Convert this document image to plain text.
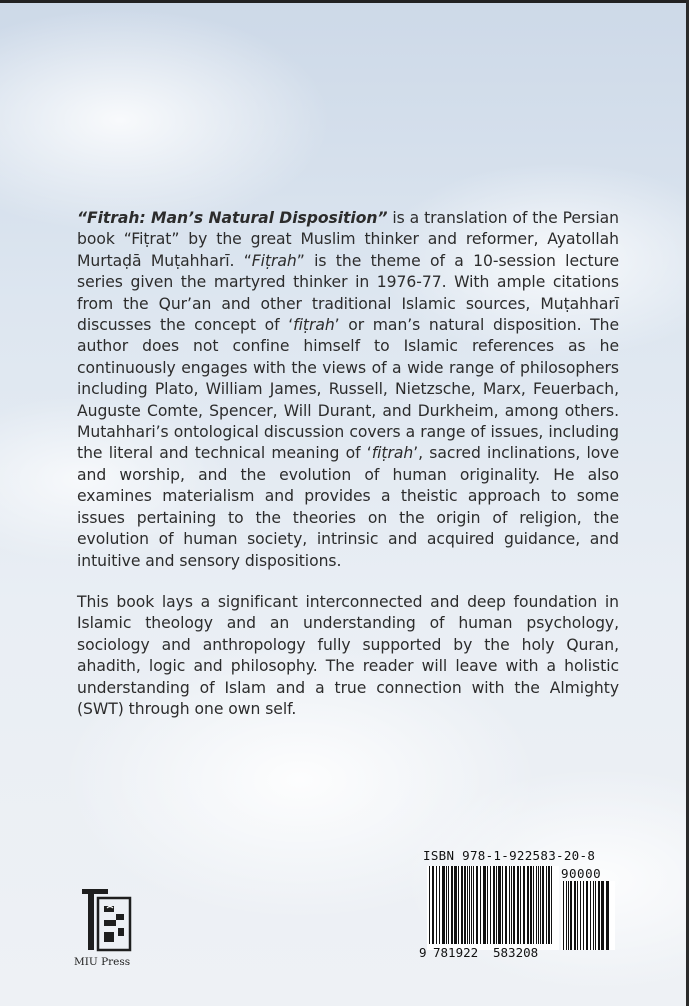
“Fitrah: Man’s Natural Disposition” is a translation of the Persian book “Fiṭrat” by the great Muslim thinker and reformer, Ayatollah Murtaḍā Muṭahharī. “Fiṭrah” is the theme of a 10-session lecture series given the martyred thinker in 1976-77. With ample citations from the Qur’an and other traditional Islamic sources, Muṭahharī discusses the concept of ‘fiṭrah’ or man’s natural disposition. The author does not confine himself to Islamic references as he continuously engages with the views of a wide range of philosophers including Plato, William James, Russell, Nietzsche, Marx, Feuerbach, Auguste Comte, Spencer, Will Durant, and Durkheim, among others. Mutahhari’s ontological discussion covers a range of issues, including the literal and technical meaning of ‘fiṭrah’, sacred inclinations, love and worship, and the evolution of human originality. He also examines materialism and provides a theistic approach to some issues pertaining to the theories on the origin of religion, the evolution of human society, intrinsic and acquired guidance, and intuitive and sensory dispositions.

This book lays a significant interconnected and deep foundation in Islamic theology and an understanding of human psychology, sociology and anthropology fully supported by the holy Quran, ahadith, logic and philosophy. The reader will leave with a holistic understanding of Islam and a true connection with the Almighty (SWT) through one own self.

MIU Press
ISBN 978-1-922583-20-8
90000
9 781922 583208
